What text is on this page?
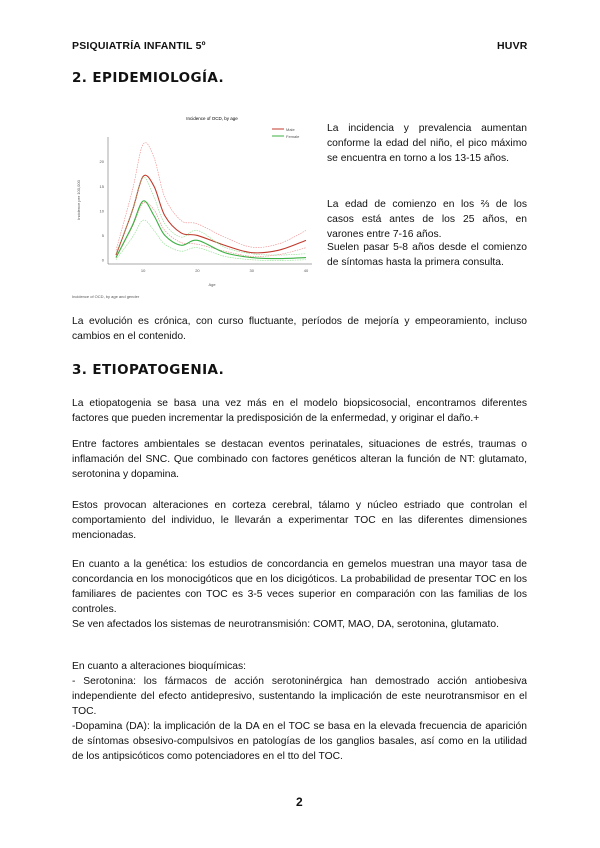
PSIQUIATRÍA INFANTIL 5º	HUVR
2. EPIDEMIOLOGÍA.
Incidence of OCD, by age
Incidence per 100,000
Age
Male
Female
10	20	30	40
0
5
10
15
20
Incidence of OCD, by age and gender

La incidencia y prevalencia aumentan conforme la edad del niño, el pico máximo se encuentra en torno a los 13-15 años.

La edad de comienzo en los ⅔ de los casos está antes de los 25 años, en varones entre 7-16 años.

Suelen pasar 5-8 años desde el comienzo de síntomas hasta la primera consulta.

La evolución es crónica, con curso fluctuante, períodos de mejoría y empeoramiento, incluso cambios en el contenido.

3. ETIOPATOGENIA.

La etiopatogenia se basa una vez más en el modelo biopsicosocial, encontramos diferentes factores que pueden incrementar la predisposición de la enfermedad, y originar el daño.+

Entre factores ambientales se destacan eventos perinatales, situaciones de estrés, traumas o inflamación del SNC. Que combinado con factores genéticos alteran la función de NT: glutamato, serotonina y dopamina.

Estos provocan alteraciones en corteza cerebral, tálamo y núcleo estriado que controlan el comportamiento del individuo, le llevarán a experimentar TOC en las diferentes dimensiones mencionadas.

En cuanto a la genética: los estudios de concordancia en gemelos muestran una mayor tasa de concordancia en los monocigóticos que en los dicigóticos. La probabilidad de presentar TOC en los familiares de pacientes con TOC es 3-5 veces superior en comparación con las familias de los controles.

Se ven afectados los sistemas de neurotransmisión: COMT, MAO, DA, serotonina, glutamato.

En cuanto a alteraciones bioquímicas:

- Serotonina: los fármacos de acción serotoninérgica han demostrado acción antiobesiva independiente del efecto antidepresivo, sustentando la implicación de este neurotransmisor en el TOC.

-Dopamina (DA): la implicación de la DA en el TOC se basa en la elevada frecuencia de aparición de síntomas obsesivo-compulsivos en patologías de los ganglios basales, así como en la utilidad de los antipsicóticos como potenciadores en el tto del TOC.

2
